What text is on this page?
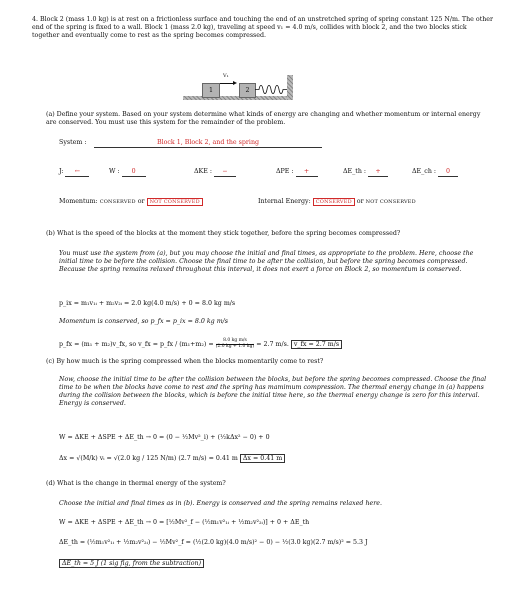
4. Block 2 (mass 1.0 kg) is at rest on a frictionless surface and touching the end of an unstretched spring of spring constant 125 N/m. The other end of the spring is fixed to a wall. Block 1 (mass 2.0 kg), traveling at speed v₁ = 4.0 m/s, collides with block 2, and the two blocks stick together and eventually come to rest as the spring becomes compressed.
1
V₁
2
(a) Define your system. Based on your system determine what kinds of energy are changing and whether momentum or internal energy are conserved. You must use this system for the remainder of the problem.
System :	Block 1, Block 2, and the spring
J: ←	W : 0	ΔKE : −	ΔPE : +	ΔE_th : +	ΔE_ch : 0
Momentum: CONSERVED or NOT CONSERVED	Internal Energy: CONSERVED or NOT CONSERVED
(b) What is the speed of the blocks at the moment they stick together, before the spring becomes compressed?
You must use the system from (a), but you may choose the initial and final times, as appropriate to the problem. Here, choose the initial time to be before the collision. Choose the final time to be after the collision, but before the spring becomes compressed. Because the spring remains relaxed throughout this interval, it does not exert a force on Block 2, so momentum is conserved.
p_ix = m₁v₁ᵢ + m₂v₂ᵢ = 2.0 kg(4.0 m/s) + 0 = 8.0 kg m/s
Momentum is conserved, so p_fx = p_ix = 8.0 kg m/s
p_fx = (m₁ + m₂)v_fx, so v_fx = p_fx / $(m_1+m_2) = \frac{\text{8.0 kg m/s}}{(2.0 kg + 1.0 kg)} = 2.7$ m/s. v_fx = 2.7 m/s
(c) By how much is the spring compressed when the blocks momentarily come to rest?
Now, choose the initial time to be after the collision between the blocks, but before the spring becomes compressed. Choose the final time to be when the blocks have come to rest and the spring has mamimum compression. The thermal energy change in (a) happens during the collision between the blocks, which is before the initial time here, so the thermal energy change is zero for this interval. Energy is conserved.
W = ΔKE + ΔSPE + ΔE_th → 0 = (0 − ½Mv²_i) + (½kΔx² − 0) + 0
Δx = √(M/k) vᵢ = √(2.0 kg / 125 N/m) (2.7 m/s) = 0.41 m Δx = 0.41 m
(d) What is the change in thermal energy of the system?
Choose the initial and final times as in (b). Energy is conserved and the spring remains relaxed here.
W = ΔKE + ΔSPE + ΔE_th → 0 = [½Mv²_f − (½m₁v²₁ᵢ + ½m₂v²₂ᵢ)] + 0 + ΔE_th
ΔE_th = (½m₁v²₁ᵢ + ½m₂v²₂ᵢ) − ½Mv²_f = (½(2.0 kg)(4.0 m/s)² − 0) − ½(3.0 kg)(2.7 m/s)² = 5.3 J
ΔE_th = 5 J (1 sig fig, from the subtraction)
